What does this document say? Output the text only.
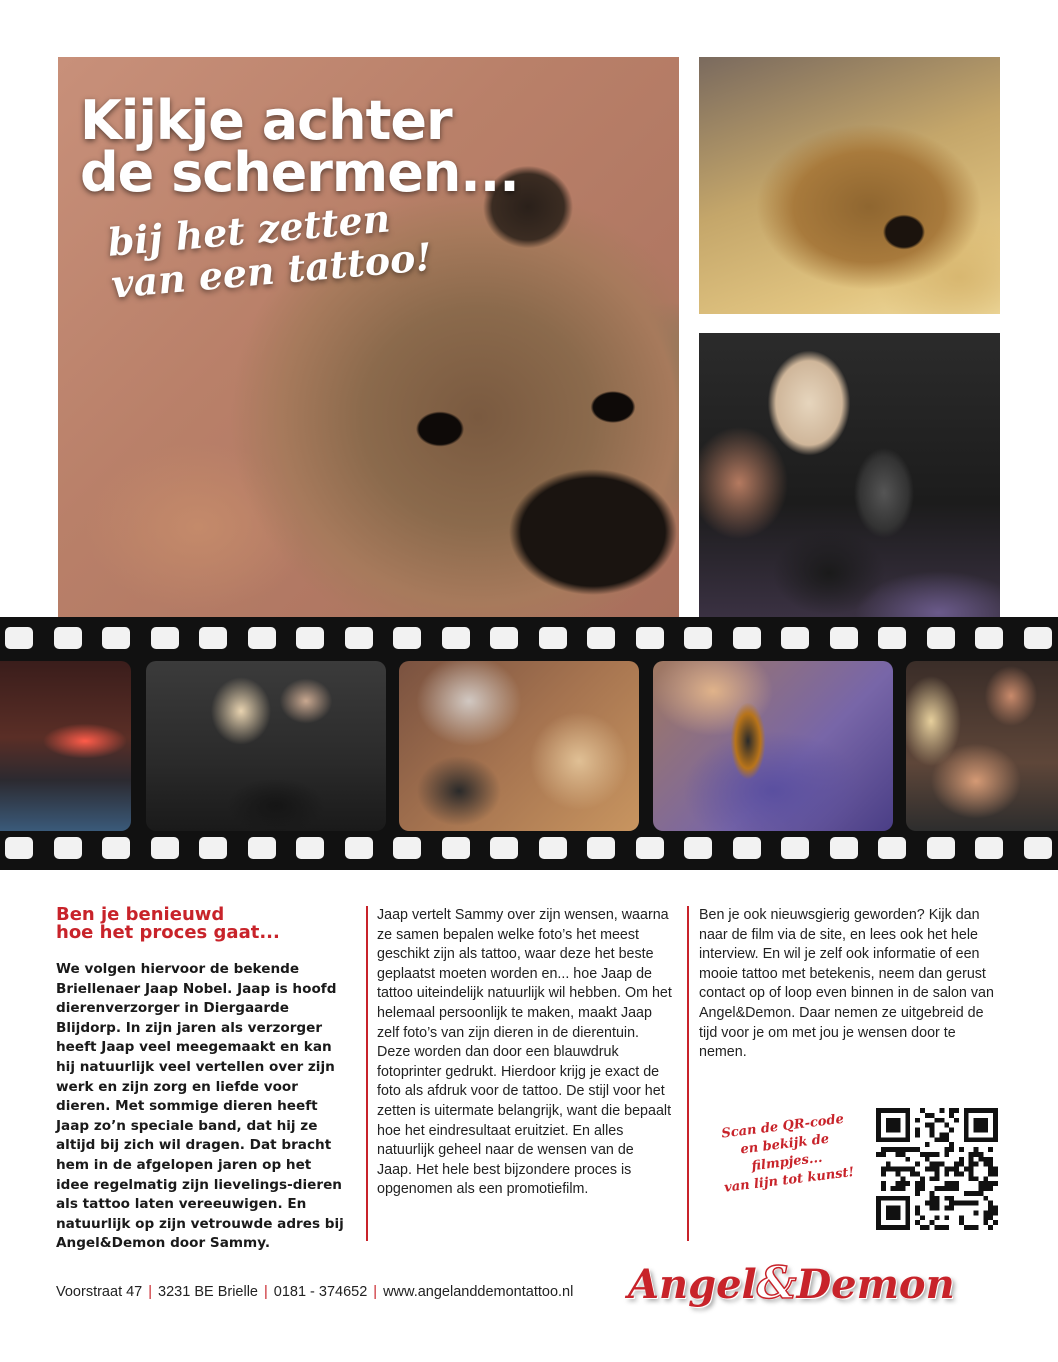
Kijkje achter
de schermen...
bij het zetten
van een tattoo!

Ben je benieuwd
hoe het proces gaat...

We volgen hiervoor de bekende Briellenaer Jaap Nobel. Jaap is hoofd dierenverzorger in Diergaarde Blijdorp. In zijn jaren als verzorger heeft Jaap veel meegemaakt en kan hij natuurlijk veel vertellen over zijn werk en zijn zorg en liefde voor dieren. Met sommige dieren heeft Jaap zo’n speciale band, dat hij ze altijd bij zich wil dragen. Dat bracht hem in de afgelopen jaren op het idee regelmatig zijn lievelings-dieren als tattoo laten vereeuwigen. En natuurlijk op zijn vetrouwde adres bij Angel&Demon door Sammy.

Jaap vertelt Sammy over zijn wensen, waarna ze samen bepalen welke foto’s het meest geschikt zijn als tattoo, waar deze het beste geplaatst moeten worden en... hoe Jaap de tattoo uiteindelijk natuurlijk wil hebben. Om het helemaal persoonlijk te maken, maakt Jaap zelf foto’s van zijn dieren in de dierentuin. Deze worden dan door een blauwdruk fotoprinter gedrukt. Hierdoor krijg je exact de foto als afdruk voor de tattoo. De stijl voor het zetten is uitermate belangrijk, want die bepaalt hoe het eindresultaat eruitziet. En alles natuurlijk geheel naar de wensen van de Jaap. Het hele best bijzondere proces is opgenomen als een promotiefilm.

Ben je ook nieuwsgierig geworden? Kijk dan naar de film via de site, en lees ook het hele interview. En wil je zelf ook informatie of een mooie tattoo met betekenis, neem dan gerust contact op of loop even binnen in de salon van Angel&Demon. Daar nemen ze uitgebreid de tijd voor je om met jou je wensen door te nemen.

Scan de QR-code
en bekijk de filmpjes...
van lijn tot kunst!
Voorstraat 47 | 3231 BE Brielle | 0181 - 374652 | www.angelanddemontattoo.nl Angel&Demon
